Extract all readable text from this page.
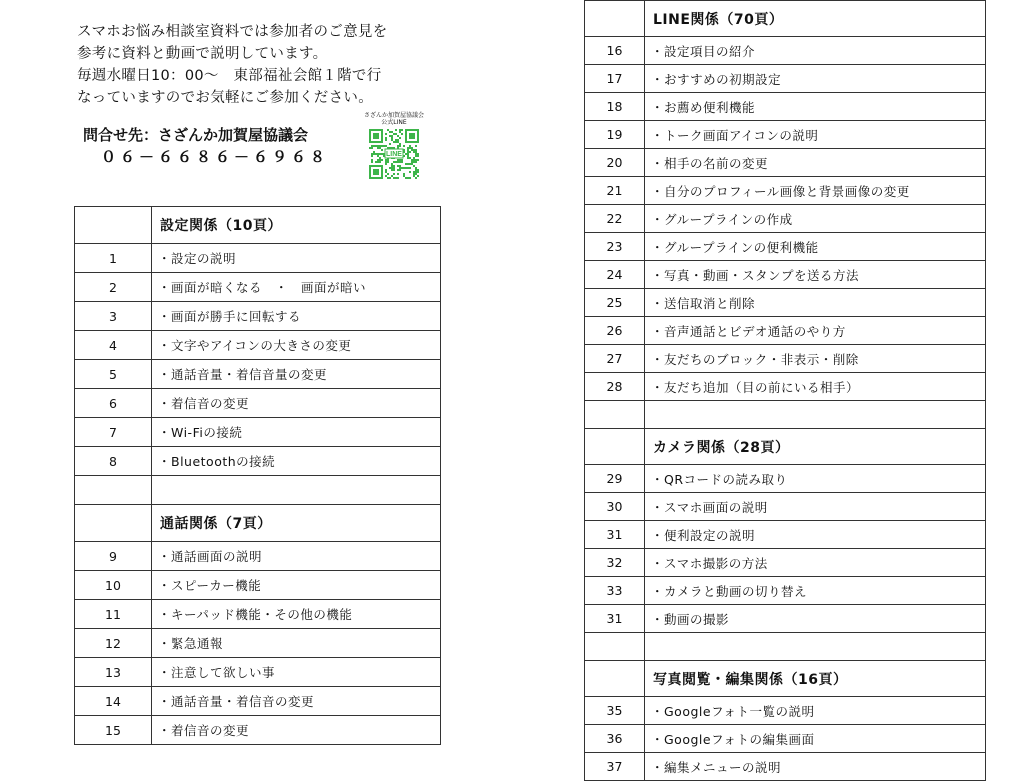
スマホお悩み相談室資料では参加者のご意見を
参考に資料と動画で説明しています。
毎週水曜日10：00～　東部福祉会館１階で行
なっていますのでお気軽にご参加ください。
問合せ先：さざんか加賀屋協議会
０６－６６８６－６９６８
さざんか加賀屋協議会
公式LINE
LINE
	設定関係（10頁）
1	・設定の説明
2	・画面が暗くなる　・　画面が暗い
3	・画面が勝手に回転する
4	・文字やアイコンの大きさの変更
5	・通話音量・着信音量の変更
6	・着信音の変更
7	・Wi-Fiの接続
8	・Bluetoothの接続

	通話関係（7頁）
9	・通話画面の説明
10	・スピーカー機能
11	・キーパッド機能・その他の機能
12	・緊急通報
13	・注意して欲しい事
14	・通話音量・着信音の変更
15	・着信音の変更
	LINE関係（70頁）
16	・設定項目の紹介
17	・おすすめの初期設定
18	・お薦め便利機能
19	・トーク画面アイコンの説明
20	・相手の名前の変更
21	・自分のプロフィール画像と背景画像の変更
22	・グループラインの作成
23	・グループラインの便利機能
24	・写真・動画・スタンプを送る方法
25	・送信取消と削除
26	・音声通話とビデオ通話のやり方
27	・友だちのブロック・非表示・削除
28	・友だち追加（目の前にいる相手）

	カメラ関係（28頁）
29	・QRコードの読み取り
30	・スマホ画面の説明
31	・便利設定の説明
32	・スマホ撮影の方法
33	・カメラと動画の切り替え
31	・動画の撮影

	写真閲覧・編集関係（16頁）
35	・Googleフォト一覧の説明
36	・Googleフォトの編集画面
37	・編集メニューの説明
